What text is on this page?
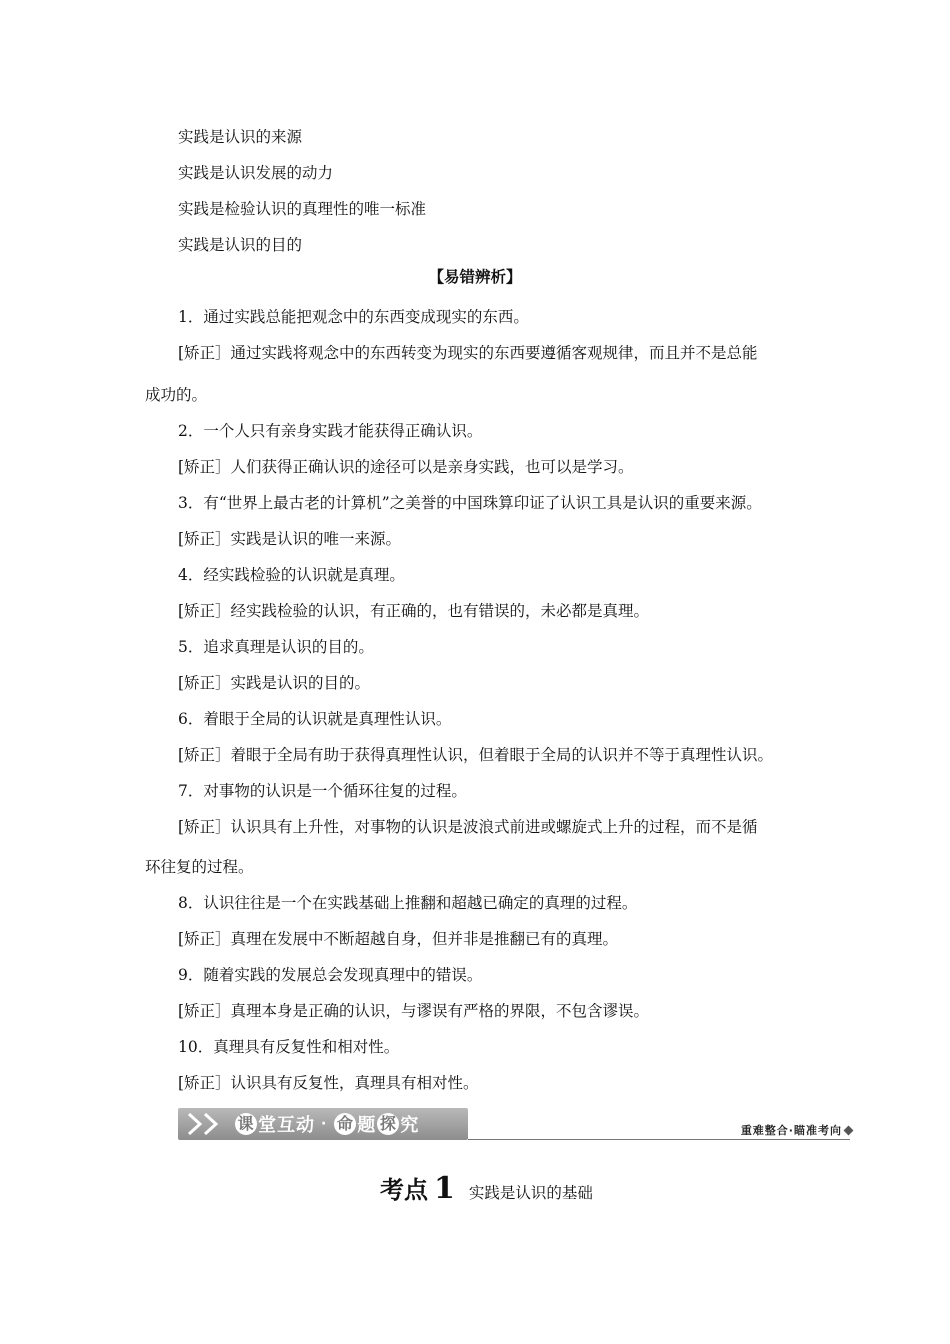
实践是认识的来源
实践是认识发展的动力
实践是检验认识的真理性的唯一标准
实践是认识的目的
【易错辨析】
1．通过实践总能把观念中的东西变成现实的东西。
[矫正］通过实践将观念中的东西转变为现实的东西要遵循客观规律，而且并不是总能
成功的。
2．一个人只有亲身实践才能获得正确认识。
[矫正］人们获得正确认识的途径可以是亲身实践，也可以是学习。
3．有“世界上最古老的计算机”之美誉的中国珠算印证了认识工具是认识的重要来源。
[矫正］实践是认识的唯一来源。
4．经实践检验的认识就是真理。
[矫正］经实践检验的认识，有正确的，也有错误的，未必都是真理。
5．追求真理是认识的目的。
[矫正］实践是认识的目的。
6．着眼于全局的认识就是真理性认识。
[矫正］着眼于全局有助于获得真理性认识，但着眼于全局的认识并不等于真理性认识。
7．对事物的认识是一个循环往复的过程。
[矫正］认识具有上升性，对事物的认识是波浪式前进或螺旋式上升的过程，而不是循
环往复的过程。
8．认识往往是一个在实践基础上推翻和超越已确定的真理的过程。
[矫正］真理在发展中不断超越自身，但并非是推翻已有的真理。
9．随着实践的发展总会发现真理中的错误。
[矫正］真理本身是正确的认识，与谬误有严格的界限，不包含谬误。
10．真理具有反复性和相对性。
[矫正］认识具有反复性，真理具有相对性。
课 堂互动 · 命 题 探 究	重难整合·瞄准考向
考点 1 实践是认识的基础
